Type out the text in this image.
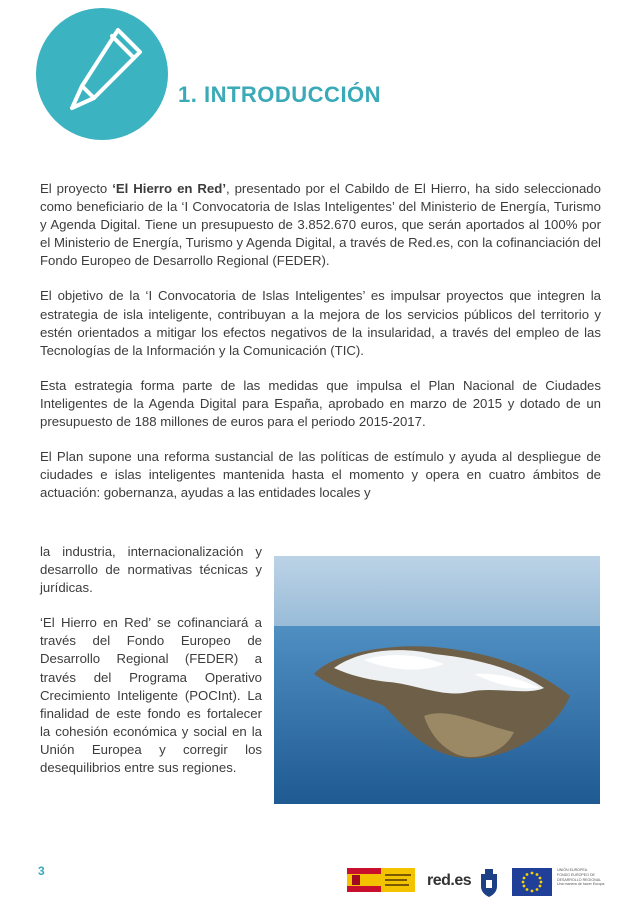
1. INTRODUCCIÓN

El proyecto ‘El Hierro en Red’, presentado por el Cabildo de El Hierro, ha sido seleccionado como beneficiario de la ‘I Convocatoria de Islas Inteligentes’ del Ministerio de Energía, Turismo y Agenda Digital. Tiene un presupuesto de 3.852.670 euros, que serán aportados al 100% por el Ministerio de Energía, Turismo y Agenda Digital, a través de Red.es, con la cofinanciación del Fondo Europeo de Desarrollo Regional (FEDER).

El objetivo de la ‘I Convocatoria de Islas Inteligentes’ es impulsar proyectos que integren la estrategia de isla inteligente, contribuyan a la mejora de los servicios públicos del territorio y estén orientados a mitigar los efectos negativos de la insularidad, a través del empleo de las Tecnologías de la Información y la Comunicación (TIC).

Esta estrategia forma parte de las medidas que impulsa el Plan Nacional de Ciudades Inteligentes de la Agenda Digital para España, aprobado en marzo de 2015 y dotado de un presupuesto de 188 millones de euros para el periodo 2015-2017.

El Plan supone una reforma sustancial de las políticas de estímulo y ayuda al despliegue de ciudades e islas inteligentes mantenida hasta el momento y opera en cuatro ámbitos de actuación: gobernanza, ayudas a las entidades locales y

la industria, internacionalización y desarrollo de normativas técnicas y jurídicas.

‘El Hierro en Red’ se cofinanciará a través del Fondo Europeo de Desarrollo Regional (FEDER) a través del Programa Operativo Crecimiento Inteligente (POCInt). La finalidad de este fondo es fortalecer la cohesión económica y social en la Unión Europea y corregir los desequilibrios entre sus regiones.

3
red.es
UNIÓN EUROPEA
FONDO EUROPEO DE DESARROLLO REGIONAL
Una manera de hacer Europa
